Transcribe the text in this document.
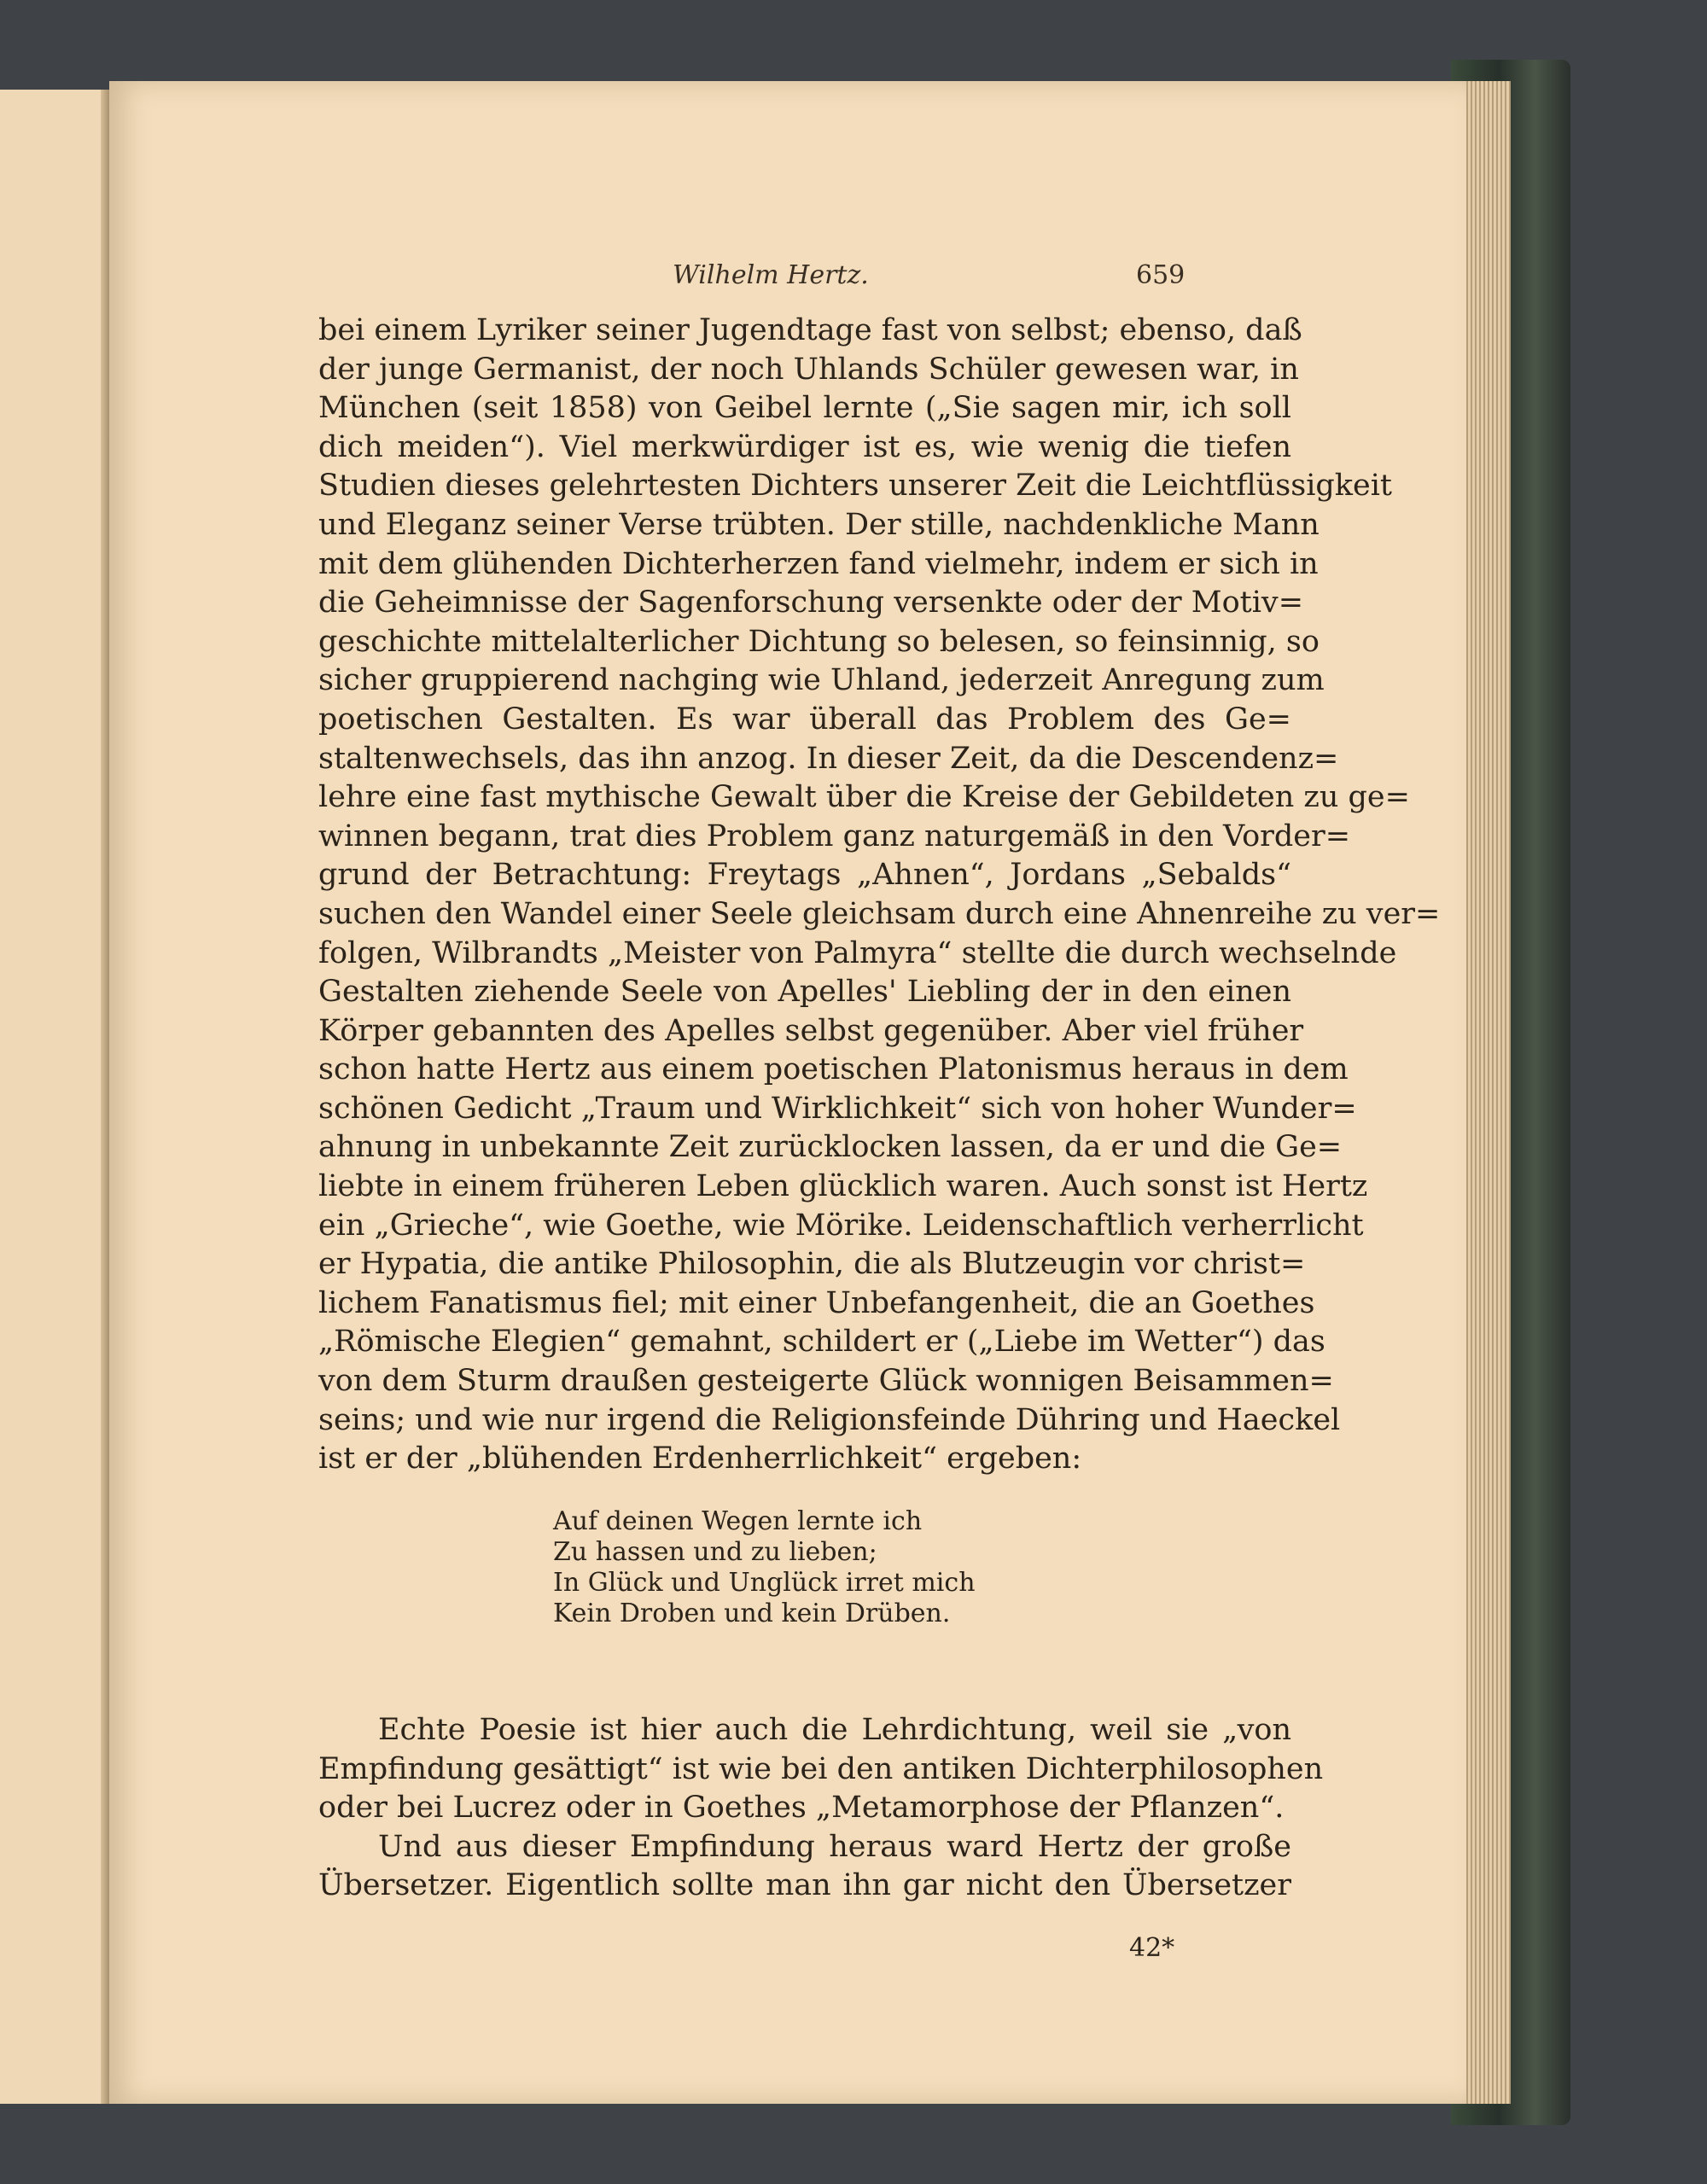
Wilhelm Hertz.	659
bei einem Lyriker seiner Jugendtage fast von selbst; ebenso, daß
der junge Germanist, der noch Uhlands Schüler gewesen war, in
München (seit 1858) von Geibel lernte („Sie sagen mir, ich soll
dich meiden“). Viel merkwürdiger ist es, wie wenig die tiefen
Studien dieses gelehrtesten Dichters unserer Zeit die Leichtflüssigkeit
und Eleganz seiner Verse trübten. Der stille, nachdenkliche Mann
mit dem glühenden Dichterherzen fand vielmehr, indem er sich in
die Geheimnisse der Sagenforschung versenkte oder der Motiv=
geschichte mittelalterlicher Dichtung so belesen, so feinsinnig, so
sicher gruppierend nachging wie Uhland, jederzeit Anregung zum
poetischen Gestalten. Es war überall das Problem des Ge=
staltenwechsels, das ihn anzog. In dieser Zeit, da die Descendenz=
lehre eine fast mythische Gewalt über die Kreise der Gebildeten zu ge=
winnen begann, trat dies Problem ganz naturgemäß in den Vorder=
grund der Betrachtung: Freytags „Ahnen“, Jordans „Sebalds“
suchen den Wandel einer Seele gleichsam durch eine Ahnenreihe zu ver=
folgen, Wilbrandts „Meister von Palmyra“ stellte die durch wechselnde
Gestalten ziehende Seele von Apelles' Liebling der in den einen
Körper gebannten des Apelles selbst gegenüber. Aber viel früher
schon hatte Hertz aus einem poetischen Platonismus heraus in dem
schönen Gedicht „Traum und Wirklichkeit“ sich von hoher Wunder=
ahnung in unbekannte Zeit zurücklocken lassen, da er und die Ge=
liebte in einem früheren Leben glücklich waren. Auch sonst ist Hertz
ein „Grieche“, wie Goethe, wie Mörike. Leidenschaftlich verherrlicht
er Hypatia, die antike Philosophin, die als Blutzeugin vor christ=
lichem Fanatismus fiel; mit einer Unbefangenheit, die an Goethes
„Römische Elegien“ gemahnt, schildert er („Liebe im Wetter“) das
von dem Sturm draußen gesteigerte Glück wonnigen Beisammen=
seins; und wie nur irgend die Religionsfeinde Dühring und Haeckel
ist er der „blühenden Erdenherrlichkeit“ ergeben:
Auf deinen Wegen lernte ich
Zu hassen und zu lieben;
In Glück und Unglück irret mich
Kein Droben und kein Drüben.
Echte Poesie ist hier auch die Lehrdichtung, weil sie „von
Empfindung gesättigt“ ist wie bei den antiken Dichterphilosophen
oder bei Lucrez oder in Goethes „Metamorphose der Pflanzen“.
Und aus dieser Empfindung heraus ward Hertz der große
Übersetzer. Eigentlich sollte man ihn gar nicht den Übersetzer
42*
